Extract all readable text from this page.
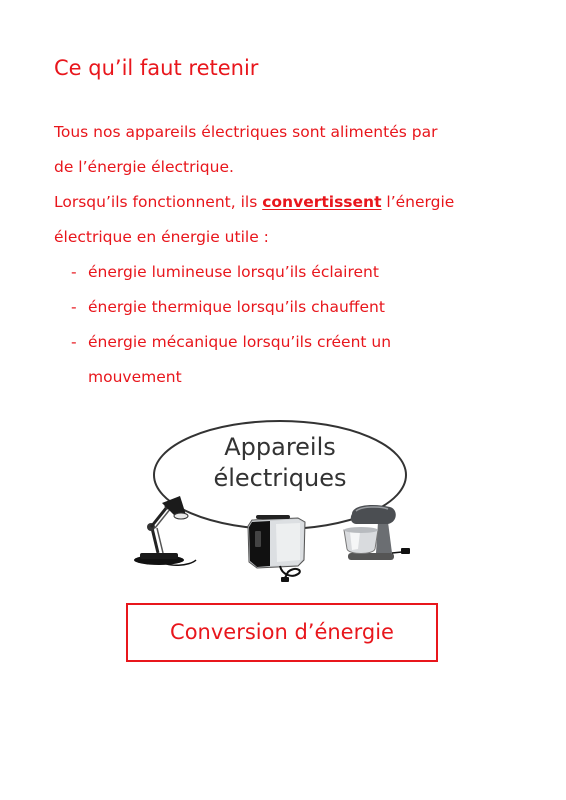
Ce qu’il faut retenir
Tous nos appareils électriques sont alimentés par
de l’énergie électrique.
Lorsqu’ils fonctionnent, ils convertissent l’énergie
électrique en énergie utile :
- énergie lumineuse lorsqu’ils éclairent
- énergie thermique lorsqu’ils chauffent
- énergie mécanique lorsqu’ils créent un
mouvement
Appareils
électriques
Conversion d’énergie
